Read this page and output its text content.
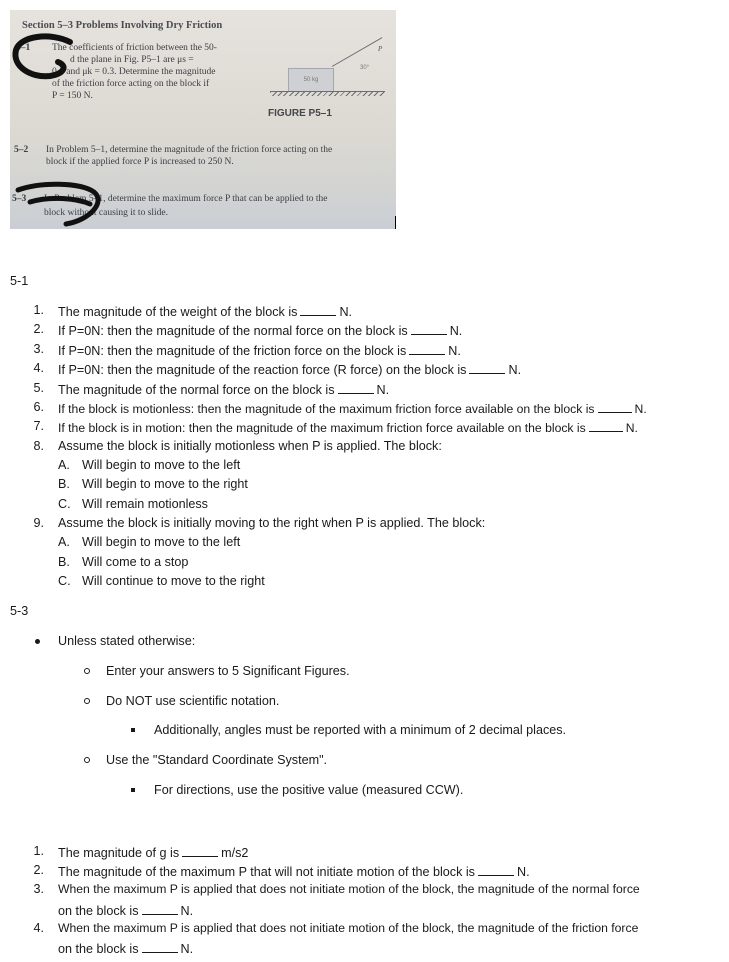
Section 5–3 Problems Involving Dry Friction
5–1 The coefficients of friction between the 50-
d the plane in Fig. P5–1 are μs =
0.4 and μk = 0.3. Determine the magnitude
of the friction force acting on the block if
P = 150 N.
P
30°
50 kg
FIGURE P5–1
5–2 In Problem 5–1, determine the magnitude of the friction force acting on the
block if the applied force P is increased to 250 N.
5–3 In Problem 5–1, determine the maximum force P that can be applied to the
block without causing it to slide.
5-1
1. The magnitude of the weight of the block is	N.
2. If P=0N: then the magnitude of the normal force on the block is	N.
3. If P=0N: then the magnitude of the friction force on the block is	N.
4. If P=0N: then the magnitude of the reaction force (R force) on the block is	N.
5. The magnitude of the normal force on the block is	N.
6. If the block is motionless: then the magnitude of the maximum friction force available on the block is	N.
7. If the block is in motion: then the magnitude of the maximum friction force available on the block is	N.
8. Assume the block is initially motionless when P is applied. The block:
A. Will begin to move to the left
B. Will begin to move to the right
C. Will remain motionless
9. Assume the block is initially moving to the right when P is applied. The block:
A. Will begin to move to the left
B. Will come to a stop
C. Will continue to move to the right
5-3
Unless stated otherwise:
Enter your answers to 5 Significant Figures.
Do NOT use scientific notation.
Additionally, angles must be reported with a minimum of 2 decimal places.
Use the "Standard Coordinate System".
For directions, use the positive value (measured CCW).
1. The magnitude of g is	m/s2
2. The magnitude of the maximum P that will not initiate motion of the block is	N.
3. When the maximum P is applied that does not initiate motion of the block, the magnitude of the normal force
on the block is	N.
4. When the maximum P is applied that does not initiate motion of the block, the magnitude of the friction force
on the block is	N.
